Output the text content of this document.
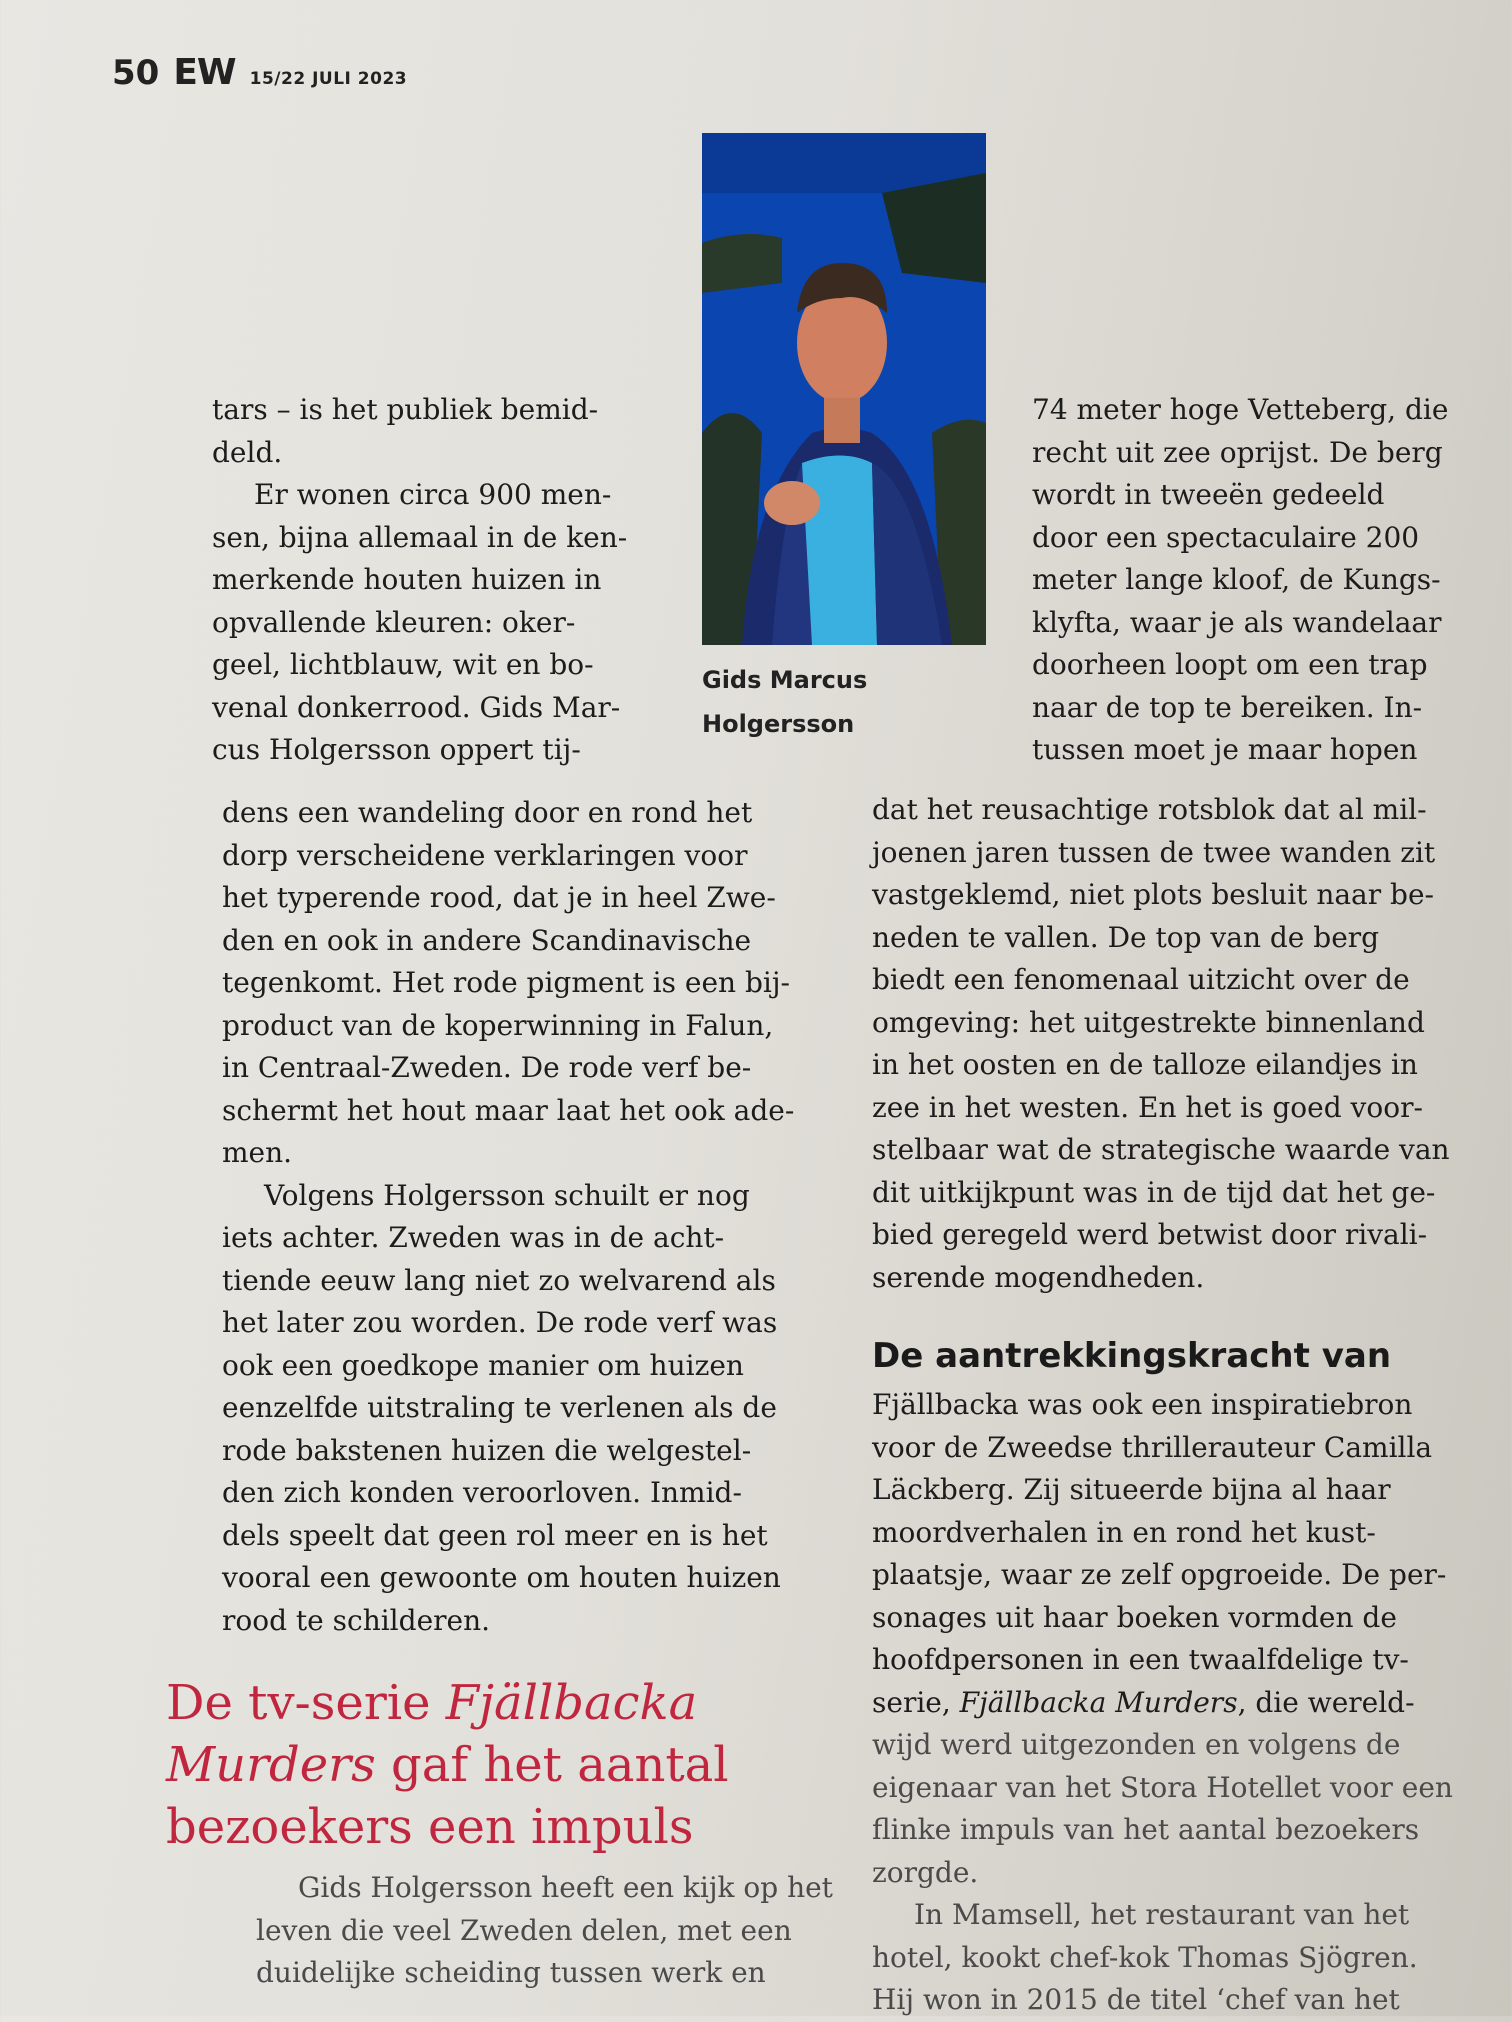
50 EW 15/22 JULI 2023
Gids Marcus
Holgersson

tars – is het publiek bemid-
deld.

Er wonen circa 900 men-

sen, bijna allemaal in de ken-
merkende houten huizen in
opvallende kleuren: oker-
geel, lichtblauw, wit en bo-
venal donkerrood. Gids Mar-
cus Holgersson oppert tij-

dens een wandeling door en rond het
dorp verscheidene verklaringen voor
het typerende rood, dat je in heel Zwe-
den en ook in andere Scandinavische
tegenkomt. Het rode pigment is een bij-
product van de koperwinning in Falun,
in Centraal-Zweden. De rode verf be-
schermt het hout maar laat het ook ade-
men.

Volgens Holgersson schuilt er nog
iets achter. Zweden was in de acht-
tiende eeuw lang niet zo welvarend als
het later zou worden. De rode verf was
ook een goedkope manier om huizen
eenzelfde uitstraling te verlenen als de
rode bakstenen huizen die welgestel-
den zich konden veroorloven. Inmid-
dels speelt dat geen rol meer en is het
vooral een gewoonte om houten huizen
rood te schilderen.

De tv-serie Fjällbacka
Murders gaf het aantal
bezoekers een impuls

Gids Holgersson heeft een kijk op het
leven die veel Zweden delen, met een
duidelijke scheiding tussen werk en

74 meter hoge Vetteberg, die
recht uit zee oprijst. De berg
wordt in tweeën gedeeld
door een spectaculaire 200
meter lange kloof, de Kungs-
klyfta, waar je als wandelaar
doorheen loopt om een trap
naar de top te bereiken. In-
tussen moet je maar hopen

dat het reusachtige rotsblok dat al mil-
joenen jaren tussen de twee wanden zit
vastgeklemd, niet plots besluit naar be-
neden te vallen. De top van de berg
biedt een fenomenaal uitzicht over de
omgeving: het uitgestrekte binnenland
in het oosten en de talloze eilandjes in
zee in het westen. En het is goed voor-
stelbaar wat de strategische waarde van
dit uitkijkpunt was in de tijd dat het ge-
bied geregeld werd betwist door rivali-
serende mogendheden.

De aantrekkingskracht van

Fjällbacka was ook een inspiratiebron
voor de Zweedse thrillerauteur Camilla
Läckberg. Zij situeerde bijna al haar
moordverhalen in en rond het kust-
plaatsje, waar ze zelf opgroeide. De per-
sonages uit haar boeken vormden de
hoofdpersonen in een twaalfdelige tv-
serie, Fjällbacka Murders, die wereld-
wijd werd uitgezonden en volgens de
eigenaar van het Stora Hotellet voor een
flinke impuls van het aantal bezoekers
zorgde.

In Mamsell, het restaurant van het
hotel, kookt chef-kok Thomas Sjögren.
Hij won in 2015 de titel ‘chef van het
